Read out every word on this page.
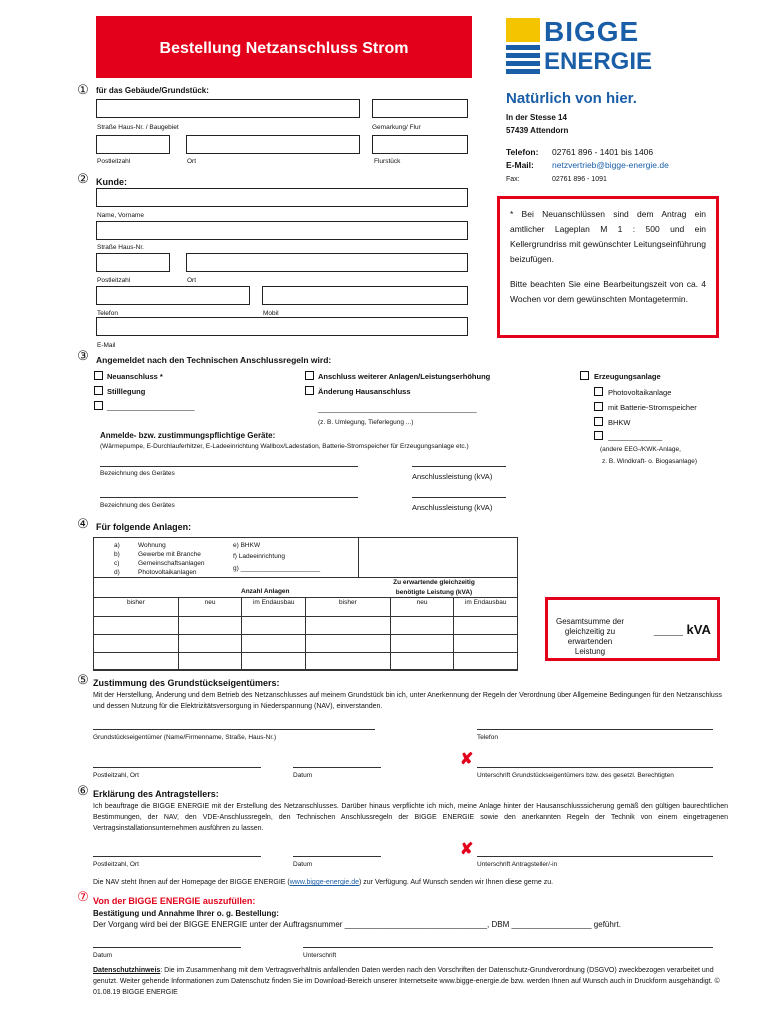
Bestellung Netzanschluss Strom
BIGGE
ENERGIE
Natürlich von hier.
In der Stesse 14
57439 Attendorn
Telefon: 02761 896 - 1401 bis 1406
E-Mail: netzvertrieb@bigge-energie.de
Fax:	02761 896 - 1091
* Bei Neuanschlüssen sind dem Antrag ein amtlicher Lageplan M 1 : 500 und ein Kellergrundriss mit gewünschter Leitungseinführung beizufügen.
Bitte beachten Sie eine Bearbeitungszeit von ca. 4 Wochen vor dem gewünschten Montagetermin.
① für das Gebäude/Grundstück:
Straße Haus-Nr. / Baugebiet	Gemarkung/ Flur
Postleitzahl	Ort	Flurstück
② Kunde:
Name, Vorname
Straße Haus-Nr.
Postleitzahl	Ort
Telefon	Mobil
E-Mail
③ Angemeldet nach den Technischen Anschlussregeln wird:
Neuanschluss *
Stilllegung
_____________________
Anschluss weiterer Anlagen/Leistungserhöhung
Änderung Hausanschluss
______________________________________
(z. B. Umlegung, Tieferlegung ...)
Erzeugungsanlage
Photovoltaikanlage
mit Batterie-Stromspeicher
BHKW
_____________
(andere EEG-/KWK-Anlage,
z. B. Windkraft- o. Biogasanlage)
Anmelde- bzw. zustimmungspflichtige Geräte:
(Wärmepumpe, E-Durchlauferhitzer, E-Ladeeinrichtung Wallbox/Ladestation, Batterie-Stromspeicher für Erzeugungsanlage etc.)
Bezeichnung des Gerätes	Anschlussleistung (kVA)
Bezeichnung des Gerätes	Anschlussleistung (kVA)
④ Für folgende Anlagen:
a)	Wohnung
b)	Gewerbe mit Branche
c)	Gemeinschaftsanlagen
d)	Photovoltaikanlagen
e) BHKW
f) Ladeeinrichtung
g) ______________________
Anzahl Anlagen
Zu erwartende gleichzeitig benötigte Leistung (kVA)
bisher	neu	im Endausbau	bisher	neu	im Endausbau

Gesamtsumme der gleichzeitig zu erwartenden Leistung
____ kVA
⑤ Zustimmung des Grundstückseigentümers:
Mit der Herstellung, Änderung und dem Betrieb des Netzanschlusses auf meinem Grundstück bin ich, unter Anerkennung der Regeln der Verordnung über Allgemeine Bedingungen für den Netzanschluss und dessen Nutzung für die Elektrizitätsversorgung in Niederspannung (NAV), einverstanden.
Grundstückseigentümer (Name/Firmenname, Straße, Haus-Nr.)	Telefon
Postleitzahl, Ort	Datum
✘
Unterschrift Grundstückseigentümers bzw. des gesetzl. Berechtigten
⑥ Erklärung des Antragstellers:
Ich beauftrage die BIGGE ENERGIE mit der Erstellung des Netzanschlusses. Darüber hinaus verpflichte ich mich, meine Anlage hinter der Hausanschlusssicherung gemäß den gültigen baurechtlichen Bestimmungen, der NAV, den VDE-Anschlussregeln, den Technischen Anschlussregeln der BIGGE ENERGIE sowie den anerkannten Regeln der Technik von einem eingetragenen Vertragsinstallationsunternehmen ausführen zu lassen.
Postleitzahl, Ort	Datum
✘
Unterschrift Antragsteller/-in
Die NAV steht Ihnen auf der Homepage der BIGGE ENERGIE (www.bigge-energie.de) zur Verfügung. Auf Wunsch senden wir Ihnen diese gerne zu.
⑦ Von der BIGGE ENERGIE auszufüllen:
Bestätigung und Annahme Ihrer o. g. Bestellung:
Der Vorgang wird bei der BIGGE ENERGIE unter der Auftragsnummer ________________________________, DBM __________________ geführt.
Datum	Unterschrift
Datenschutzhinweis: Die im Zusammenhang mit dem Vertragsverhältnis anfallenden Daten werden nach den Vorschriften der Datenschutz-Grundverordnung (DSGVO) zweckbezogen verarbeitet und genutzt. Weiter gehende Informationen zum Datenschutz finden Sie im Download-Bereich unserer Internetseite www.bigge-energie.de bzw. werden Ihnen auf Wunsch auch in Druckform ausgehändigt. © 01.08.19 BIGGE ENERGIE
